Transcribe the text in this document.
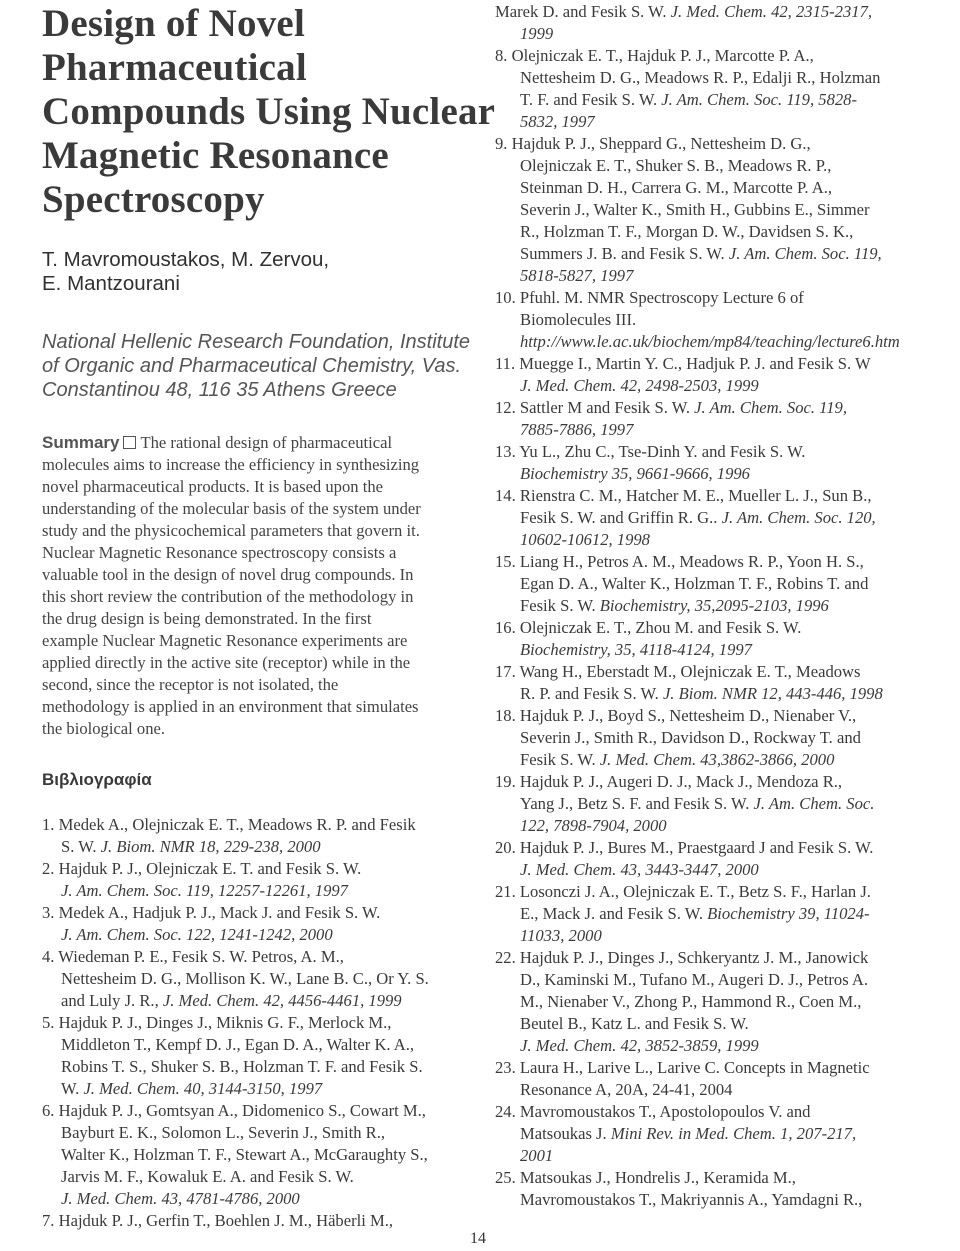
Design of Novel
Pharmaceutical
Compounds Using Nuclear
Magnetic Resonance
Spectroscopy
T. Mavromoustakos, M. Zervou,
E. Mantzourani
National Hellenic Research Foundation, Institute
of Organic and Pharmaceutical Chemistry, Vas.
Constantinou 48, 116 35 Athens Greece
Summary The rational design of pharmaceutical
molecules aims to increase the efficiency in synthesizing
novel pharmaceutical products. It is based upon the
understanding of the molecular basis of the system under
study and the physicochemical parameters that govern it.
Nuclear Magnetic Resonance spectroscopy consists a
valuable tool in the design of novel drug compounds. In
this short review the contribution of the methodology in
the drug design is being demonstrated. In the first
example Nuclear Magnetic Resonance experiments are
applied directly in the active site (receptor) while in the
second, since the receptor is not isolated, the
methodology is applied in an environment that simulates
the biological one.
Βιβλιογραφία
1. Medek A., Olejniczak E. T., Meadows R. P. and Fesik
S. W. J. Biom. NMR 18, 229-238, 2000
2. Hajduk P. J., Olejniczak E. T. and Fesik S. W.
J. Am. Chem. Soc. 119, 12257-12261, 1997
3. Medek A., Hadjuk P. J., Mack J. and Fesik S. W.
J. Am. Chem. Soc. 122, 1241-1242, 2000
4. Wiedeman P. E., Fesik S. W. Petros, A. M.,
Nettesheim D. G., Mollison K. W., Lane B. C., Or Y. S.
and Luly J. R., J. Med. Chem. 42, 4456-4461, 1999
5. Hajduk P. J., Dinges J., Miknis G. F., Merlock M.,
Middleton T., Kempf D. J., Egan D. A., Walter K. A.,
Robins T. S., Shuker S. B., Holzman T. F. and Fesik S.
W. J. Med. Chem. 40, 3144-3150, 1997
6. Hajduk P. J., Gomtsyan A., Didomenico S., Cowart M.,
Bayburt E. K., Solomon L., Severin J., Smith R.,
Walter K., Holzman T. F., Stewart A., McGaraughty S.,
Jarvis M. F., Kowaluk E. A. and Fesik S. W.
J. Med. Chem. 43, 4781-4786, 2000
7. Hajduk P. J., Gerfin T., Boehlen J. M., Häberli M.,
Marek D. and Fesik S. W. J. Med. Chem. 42, 2315-2317,
1999
8. Olejniczak E. T., Hajduk P. J., Marcotte P. A.,
Nettesheim D. G., Meadows R. P., Edalji R., Holzman
T. F. and Fesik S. W. J. Am. Chem. Soc. 119, 5828-
5832, 1997
9. Hajduk P. J., Sheppard G., Nettesheim D. G.,
Olejniczak E. T., Shuker S. B., Meadows R. P.,
Steinman D. H., Carrera G. M., Marcotte P. A.,
Severin J., Walter K., Smith H., Gubbins E., Simmer
R., Holzman T. F., Morgan D. W., Davidsen S. K.,
Summers J. B. and Fesik S. W. J. Am. Chem. Soc. 119,
5818-5827, 1997
10. Pfuhl. M. NMR Spectroscopy Lecture 6 of
Biomolecules III.
http://www.le.ac.uk/biochem/mp84/teaching/lecture6.htm
11. Muegge I., Martin Y. C., Hadjuk P. J. and Fesik S. W
J. Med. Chem. 42, 2498-2503, 1999
12. Sattler M and Fesik S. W. J. Am. Chem. Soc. 119,
7885-7886, 1997
13. Yu L., Zhu C., Tse-Dinh Y. and Fesik S. W.
Biochemistry 35, 9661-9666, 1996
14. Rienstra C. M., Hatcher M. E., Mueller L. J., Sun B.,
Fesik S. W. and Griffin R. G.. J. Am. Chem. Soc. 120,
10602-10612, 1998
15. Liang H., Petros A. M., Meadows R. P., Yoon H. S.,
Egan D. A., Walter K., Holzman T. F., Robins T. and
Fesik S. W. Biochemistry, 35,2095-2103, 1996
16. Olejniczak E. T., Zhou M. and Fesik S. W.
Biochemistry, 35, 4118-4124, 1997
17. Wang H., Eberstadt M., Olejniczak E. T., Meadows
R. P. and Fesik S. W. J. Biom. NMR 12, 443-446, 1998
18. Hajduk P. J., Boyd S., Nettesheim D., Nienaber V.,
Severin J., Smith R., Davidson D., Rockway T. and
Fesik S. W. J. Med. Chem. 43,3862-3866, 2000
19. Hajduk P. J., Augeri D. J., Mack J., Mendoza R.,
Yang J., Betz S. F. and Fesik S. W. J. Am. Chem. Soc.
122, 7898-7904, 2000
20. Hajduk P. J., Bures M., Praestgaard J and Fesik S. W.
J. Med. Chem. 43, 3443-3447, 2000
21. Losonczi J. A., Olejniczak E. T., Betz S. F., Harlan J.
E., Mack J. and Fesik S. W. Biochemistry 39, 11024-
11033, 2000
22. Hajduk P. J., Dinges J., Schkeryantz J. M., Janowick
D., Kaminski M., Tufano M., Augeri D. J., Petros A.
M., Nienaber V., Zhong P., Hammond R., Coen M.,
Beutel B., Katz L. and Fesik S. W.
J. Med. Chem. 42, 3852-3859, 1999
23. Laura H., Larive L., Larive C. Concepts in Magnetic
Resonance A, 20A, 24-41, 2004
24. Mavromoustakos T., Apostolopoulos V. and
Matsoukas J. Mini Rev. in Med. Chem. 1, 207-217,
2001
25. Matsoukas J., Hondrelis J., Keramida M.,
Mavromoustakos T., Makriyannis A., Yamdagni R.,
14
